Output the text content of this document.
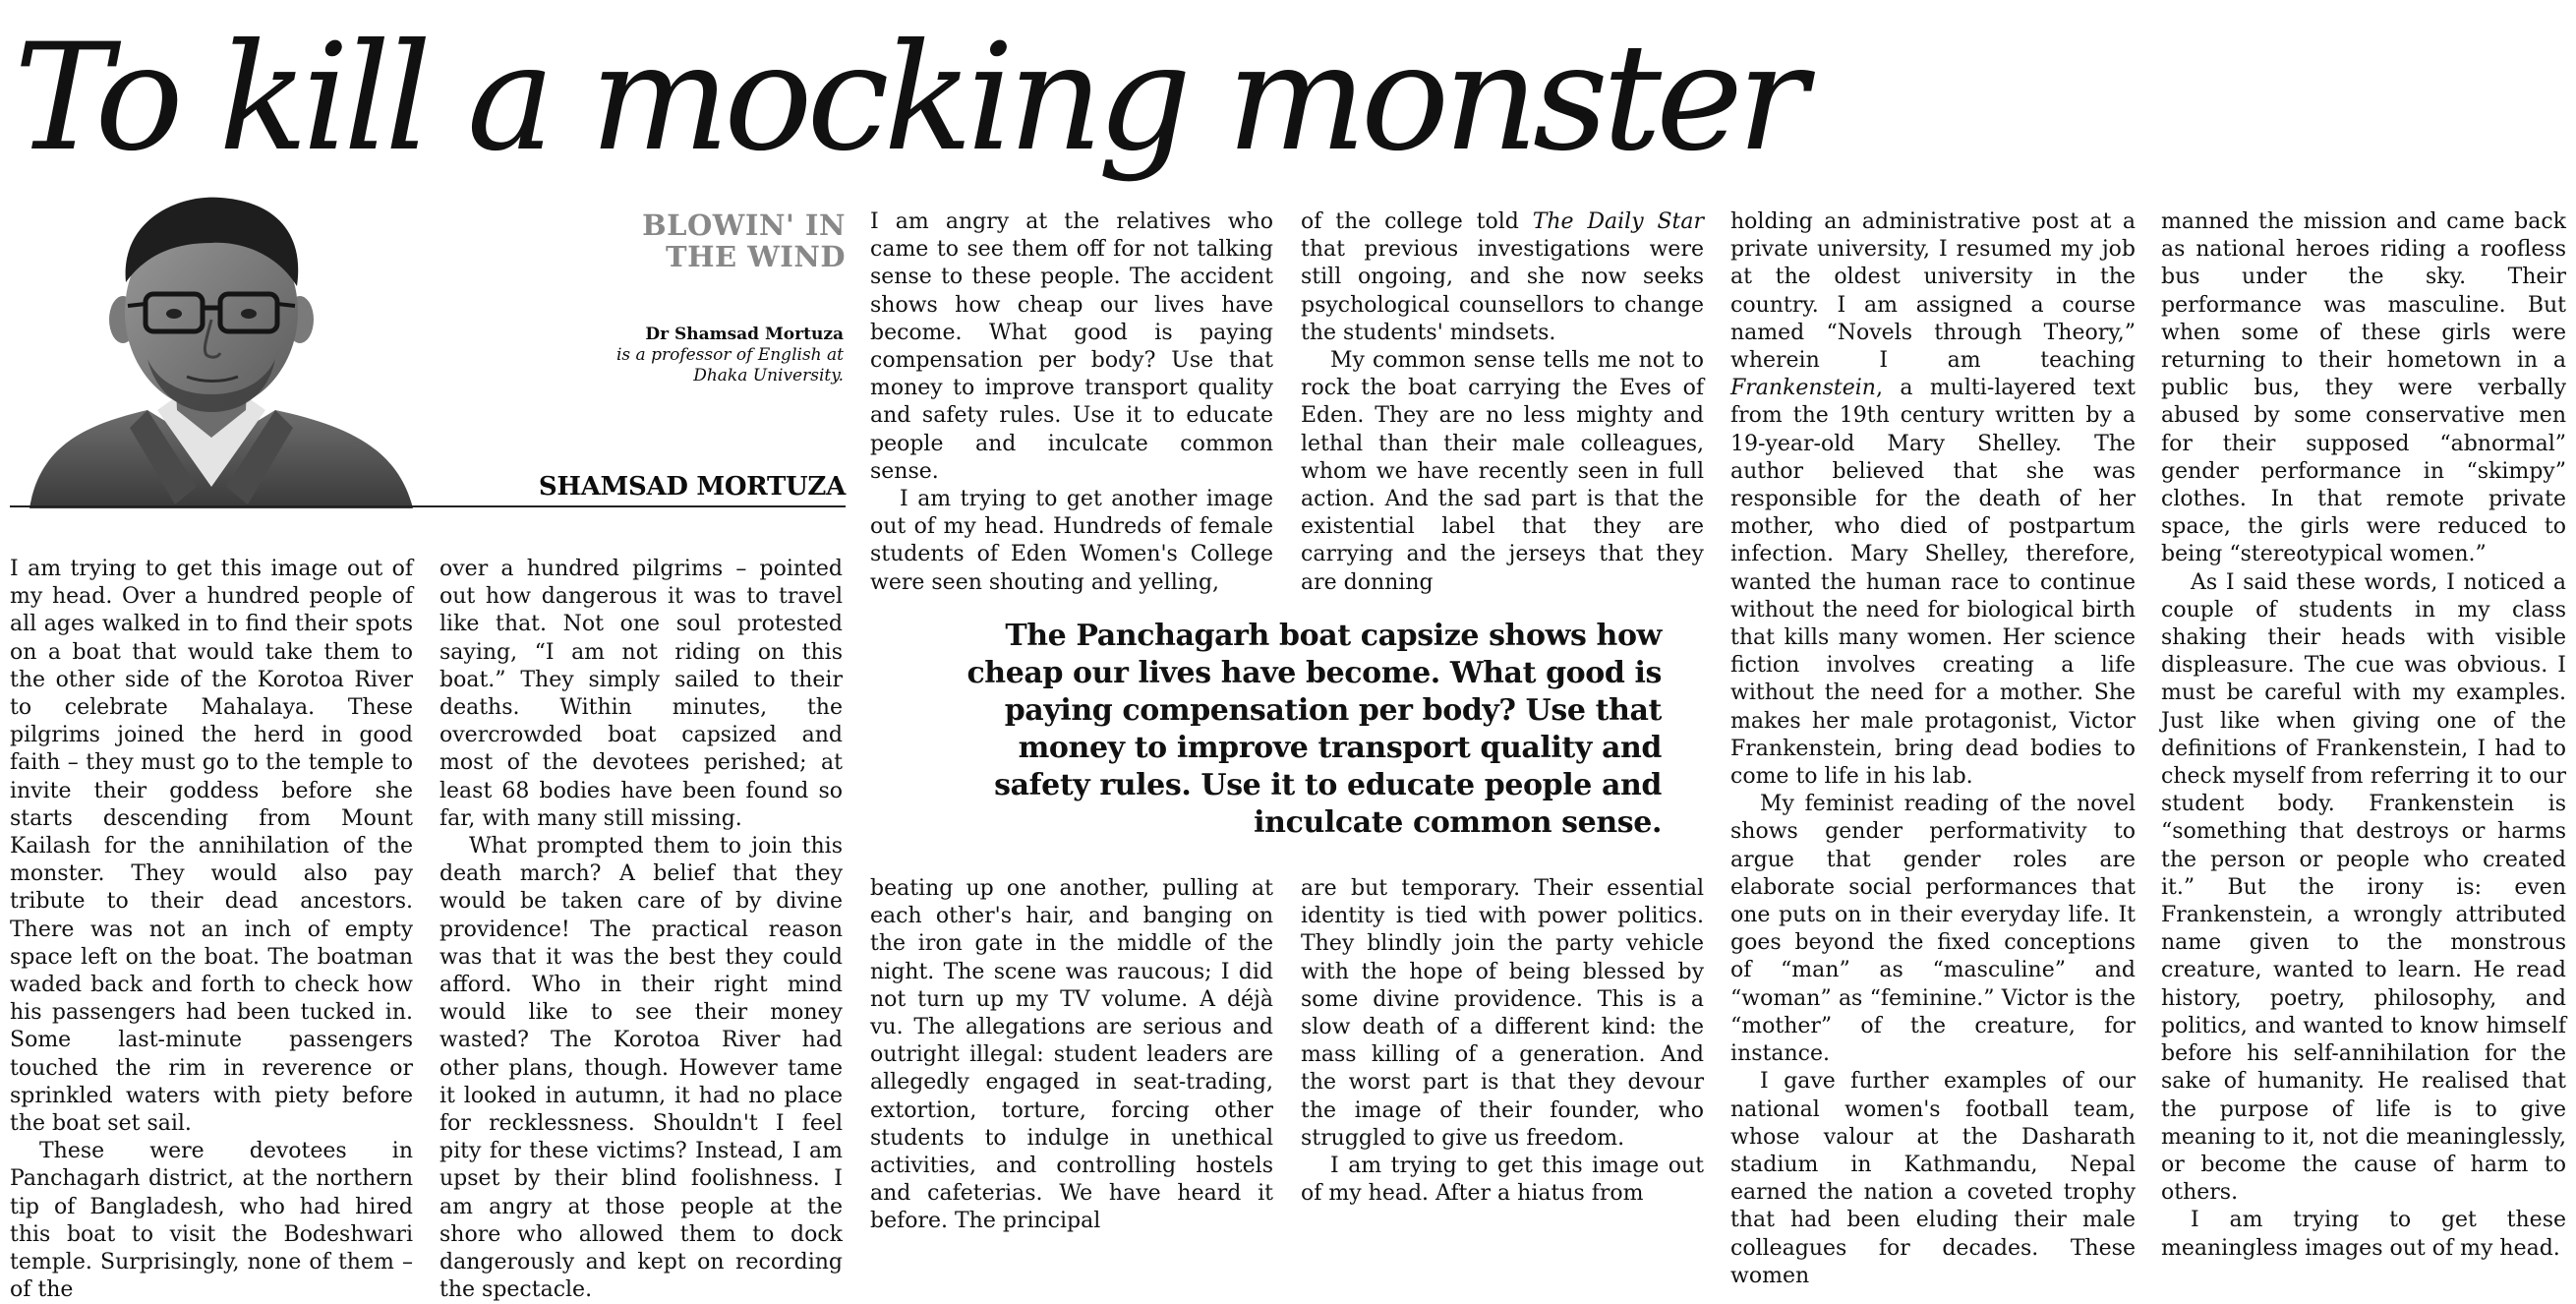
To kill a mocking monster
BLOWIN' IN
THE WIND
Dr Shamsad Mortuza
is a professor of English at
Dhaka University.
SHAMSAD MORTUZA

I am trying to get this image out of my head. Over a hundred people of all ages walked in to find their spots on a boat that would take them to the other side of the Korotoa River to celebrate Mahalaya. These pilgrims joined the herd in good faith – they must go to the temple to invite their goddess before she starts descending from Mount Kailash for the annihilation of the monster. They would also pay tribute to their dead ancestors. There was not an inch of empty space left on the boat. The boatman waded back and forth to check how his passengers had been tucked in. Some last-minute passengers touched the rim in reverence or sprinkled waters with piety before the boat set sail.

These were devotees in Panchagarh district, at the northern tip of Bangladesh, who had hired this boat to visit the Bodeshwari temple. Surprisingly, none of them – of the

over a hundred pilgrims – pointed out how dangerous it was to travel like that. Not one soul protested saying, “I am not riding on this boat.” They simply sailed to their deaths. Within minutes, the overcrowded boat capsized and most of the devotees perished; at least 68 bodies have been found so far, with many still missing.

What prompted them to join this death march? A belief that they would be taken care of by divine providence! The practical reason was that it was the best they could afford. Who in their right mind would like to see their money wasted? The Korotoa River had other plans, though. However tame it looked in autumn, it had no place for recklessness. Shouldn't I feel pity for these victims? Instead, I am upset by their blind foolishness. I am angry at those people at the shore who allowed them to dock dangerously and kept on recording the spectacle.

I am angry at the relatives who came to see them off for not talking sense to these people. The accident shows how cheap our lives have become. What good is paying compensation per body? Use that money to improve transport quality and safety rules. Use it to educate people and inculcate common sense.

I am trying to get another image out of my head. Hundreds of female students of Eden Women's College were seen shouting and yelling,

of the college told The Daily Star that previous investigations were still ongoing, and she now seeks psychological counsellors to change the students' mindsets.

My common sense tells me not to rock the boat carrying the Eves of Eden. They are no less mighty and lethal than their male colleagues, whom we have recently seen in full action. And the sad part is that the existential label that they are carrying and the jerseys that they are donning

The Panchagarh boat capsize shows how cheap our lives have become. What good is paying compensation per body? Use that money to improve transport quality and safety rules. Use it to educate people and inculcate common sense.

beating up one another, pulling at each other's hair, and banging on the iron gate in the middle of the night. The scene was raucous; I did not turn up my TV volume. A déjà vu. The allegations are serious and outright illegal: student leaders are allegedly engaged in seat-trading, extortion, torture, forcing other students to indulge in unethical activities, and controlling hostels and cafeterias. We have heard it before. The principal

are but temporary. Their essential identity is tied with power politics. They blindly join the party vehicle with the hope of being blessed by some divine providence. This is a slow death of a different kind: the mass killing of a generation. And the worst part is that they devour the image of their founder, who struggled to give us freedom.

I am trying to get this image out of my head. After a hiatus from

holding an administrative post at a private university, I resumed my job at the oldest university in the country. I am assigned a course named “Novels through Theory,” wherein I am teaching Frankenstein, a multi-layered text from the 19th century written by a 19-year-old Mary Shelley. The author believed that she was responsible for the death of her mother, who died of postpartum infection. Mary Shelley, therefore, wanted the human race to continue without the need for biological birth that kills many women. Her science fiction involves creating a life without the need for a mother. She makes her male protagonist, Victor Frankenstein, bring dead bodies to come to life in his lab.

My feminist reading of the novel shows gender performativity to argue that gender roles are elaborate social performances that one puts on in their everyday life. It goes beyond the fixed conceptions of “man” as “masculine” and “woman” as “feminine.” Victor is the “mother” of the creature, for instance.

I gave further examples of our national women's football team, whose valour at the Dasharath stadium in Kathmandu, Nepal earned the nation a coveted trophy that had been eluding their male colleagues for decades. These women

manned the mission and came back as national heroes riding a roofless bus under the sky. Their performance was masculine. But when some of these girls were returning to their hometown in a public bus, they were verbally abused by some conservative men for their supposed “abnormal” gender performance in “skimpy” clothes. In that remote private space, the girls were reduced to being “stereotypical women.”

As I said these words, I noticed a couple of students in my class shaking their heads with visible displeasure. The cue was obvious. I must be careful with my examples. Just like when giving one of the definitions of Frankenstein, I had to check myself from referring it to our student body. Frankenstein is “something that destroys or harms the person or people who created it.” But the irony is: even Frankenstein, a wrongly attributed name given to the monstrous creature, wanted to learn. He read history, poetry, philosophy, and politics, and wanted to know himself before his self-annihilation for the sake of humanity. He realised that the purpose of life is to give meaning to it, not die meaninglessly, or become the cause of harm to others.

I am trying to get these meaningless images out of my head.
